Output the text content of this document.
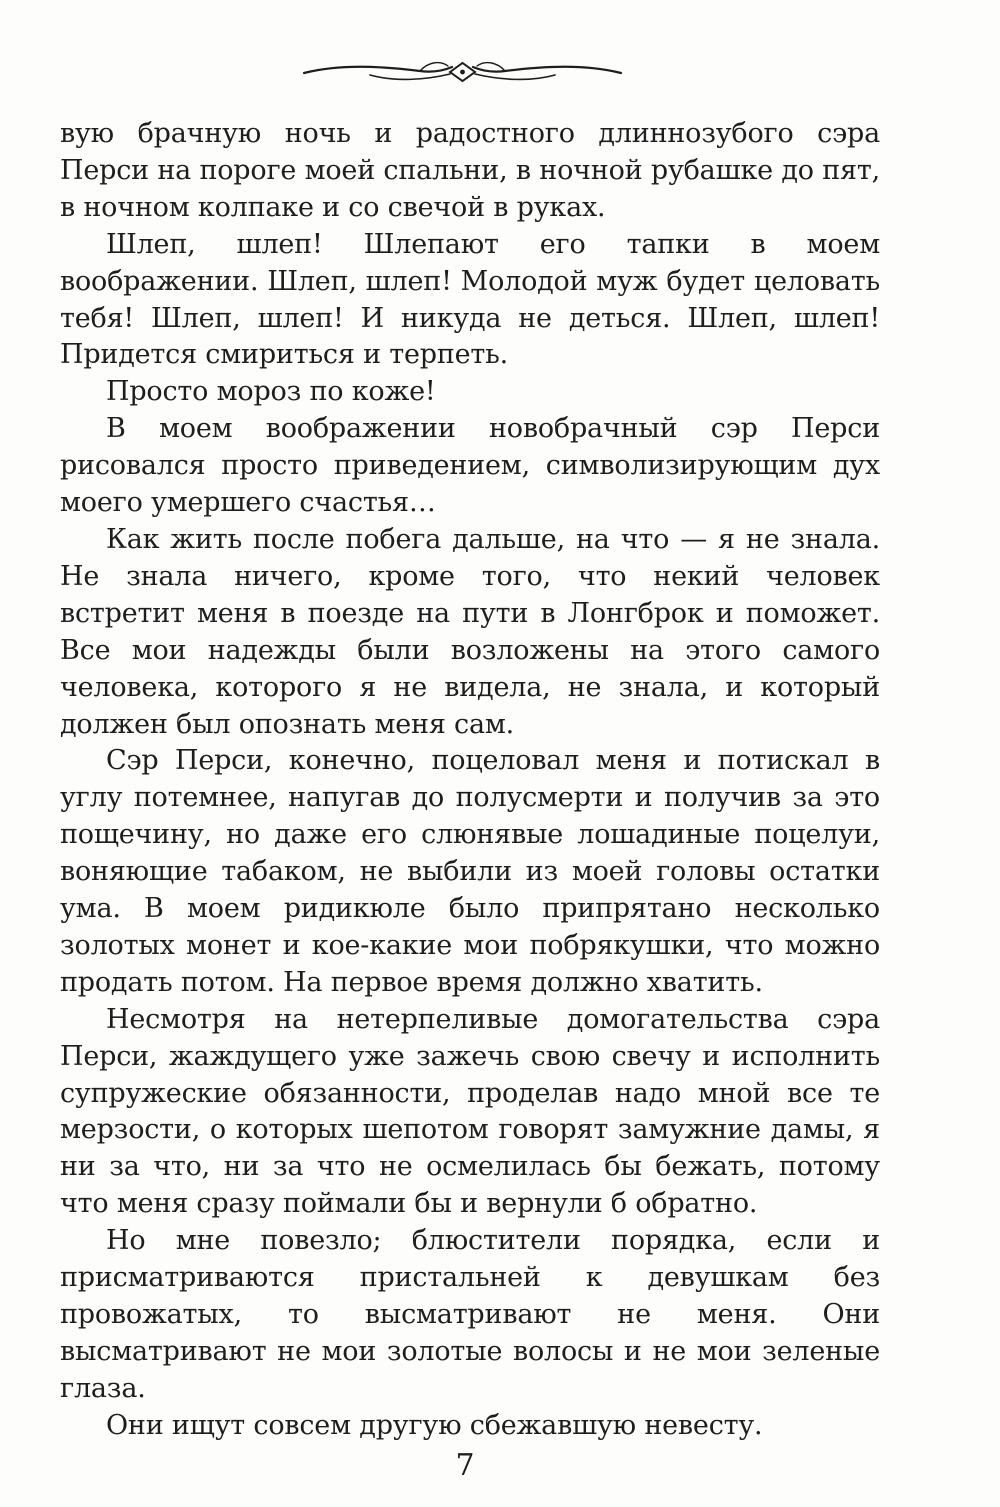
вую брачную ночь и радостного длиннозубого сэра Перси на пороге моей спальни, в ночной рубашке до пят, в ночном колпаке и со свечой в руках.

Шлеп, шлеп! Шлепают его тапки в моем воображении. Шлеп, шлеп! Молодой муж будет целовать тебя! Шлеп, шлеп! И никуда не деться. Шлеп, шлеп! Придется смириться и терпеть.

Просто мороз по коже!

В моем воображении новобрачный сэр Перси рисовался просто приведением, символизирующим дух моего умершего счастья…

Как жить после побега дальше, на что — я не знала. Не знала ничего, кроме того, что некий человек встретит меня в поезде на пути в Лонгброк и поможет. Все мои надежды были возложены на этого самого человека, которого я не видела, не знала, и который должен был опознать меня сам.

Сэр Перси, конечно, поцеловал меня и потискал в углу потемнее, напугав до полусмерти и получив за это пощечину, но даже его слюнявые лошадиные поцелуи, воняющие табаком, не выбили из моей головы остатки ума. В моем ридикюле было припрятано несколько золотых монет и кое-какие мои побрякушки, что можно продать потом. На первое время должно хватить.

Несмотря на нетерпеливые домогательства сэра Перси, жаждущего уже зажечь свою свечу и исполнить супружеские обязанности, проделав надо мной все те мерзости, о которых шепотом говорят замужние дамы, я ни за что, ни за что не осмелилась бы бежать, потому что меня сразу поймали бы и вернули б обратно.

Но мне повезло; блюстители порядка, если и присматриваются пристальней к девушкам без провожатых, то высматривают не меня. Они высматривают не мои золотые волосы и не мои зеленые глаза.

Они ищут совсем другую сбежавшую невесту.

7
